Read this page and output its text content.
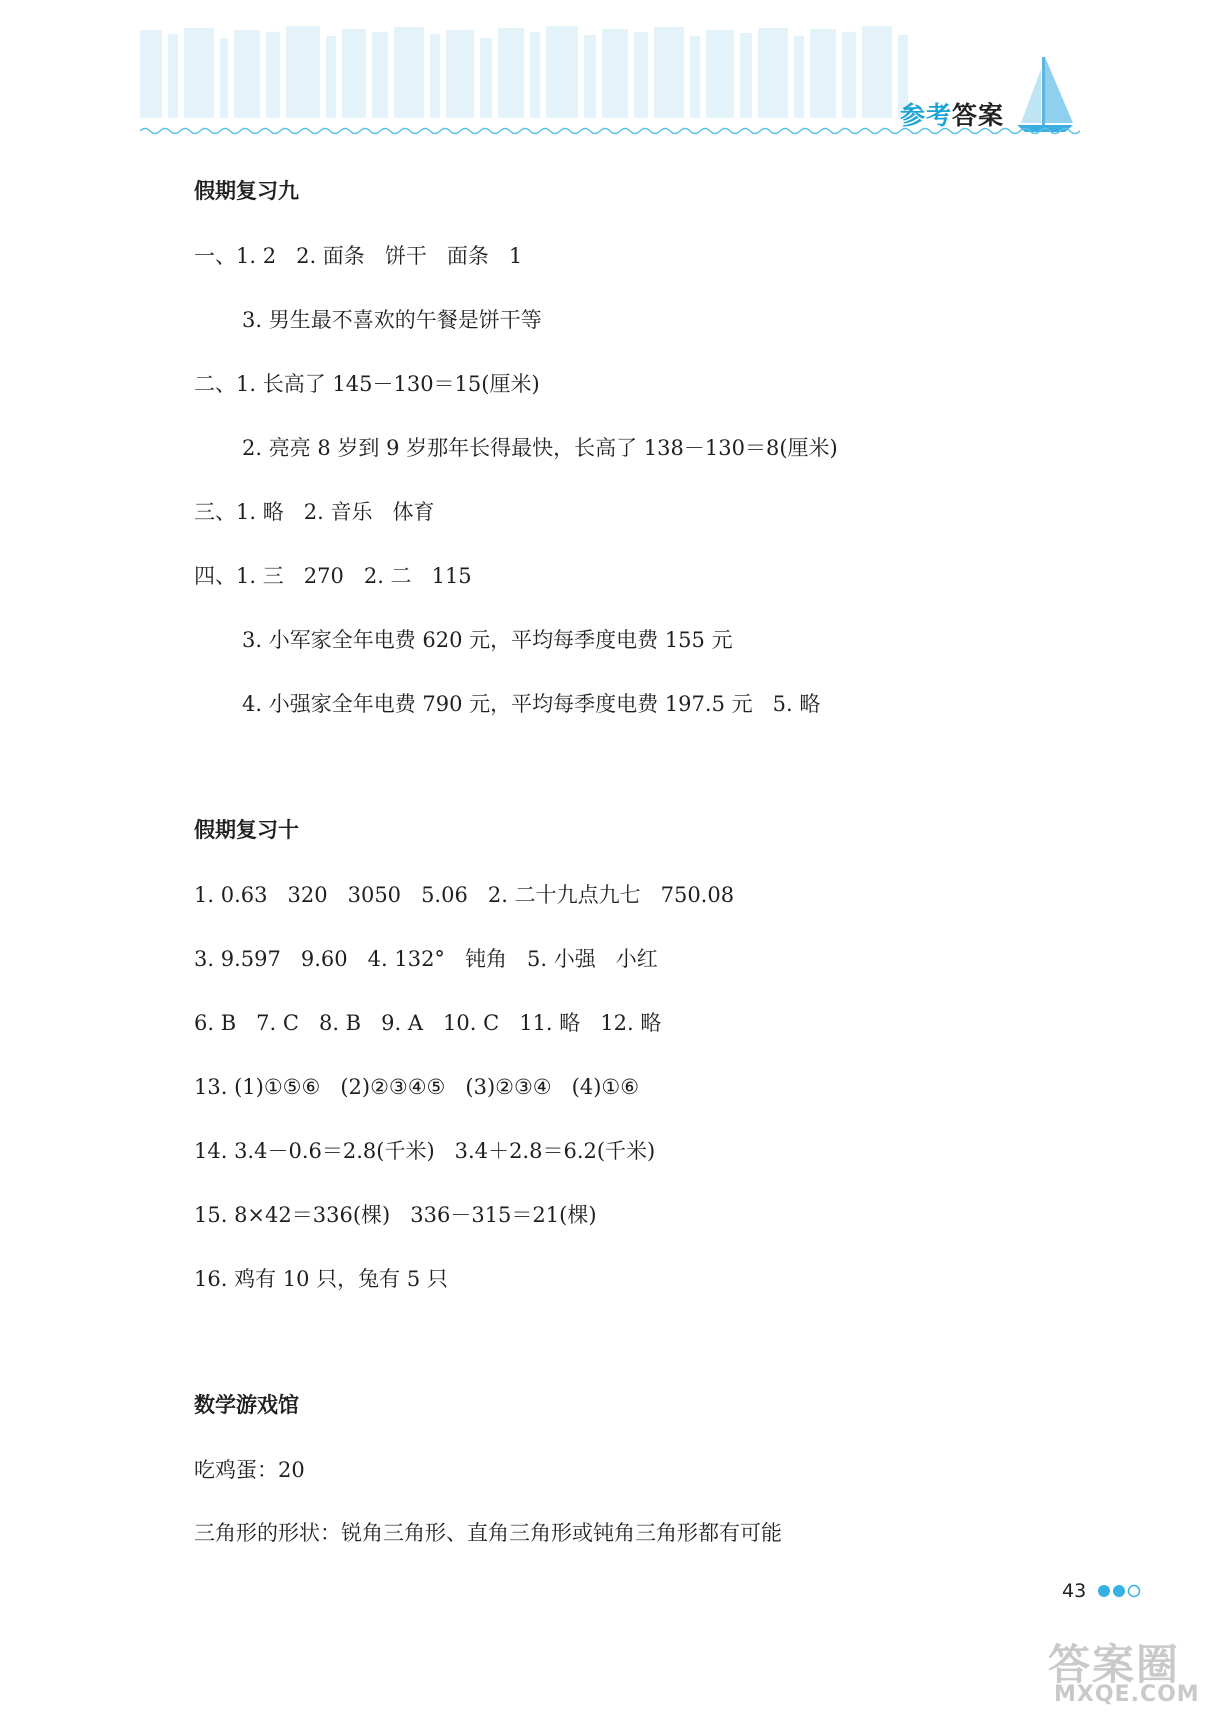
参考答案
假期复习九
一、1. 2   2. 面条   饼干   面条   1
3. 男生最不喜欢的午餐是饼干等
二、1. 长高了 145－130＝15(厘米)
2. 亮亮 8 岁到 9 岁那年长得最快，长高了 138－130＝8(厘米)
三、1. 略   2. 音乐   体育
四、1. 三   270   2. 二   115
3. 小军家全年电费 620 元，平均每季度电费 155 元
4. 小强家全年电费 790 元，平均每季度电费 197.5 元   5. 略
假期复习十
1. 0.63   320   3050   5.06   2. 二十九点九七   750.08
3. 9.597   9.60   4. 132°   钝角   5. 小强   小红
6. B   7. C   8. B   9. A   10. C   11. 略   12. 略
13. (1)①⑤⑥   (2)②③④⑤   (3)②③④   (4)①⑥
14. 3.4－0.6＝2.8(千米)   3.4＋2.8＝6.2(千米)
15. 8×42＝336(棵)   336－315＝21(棵)
16. 鸡有 10 只，兔有 5 只
数学游戏馆
吃鸡蛋：20
三角形的形状：锐角三角形、直角三角形或钝角三角形都有可能
43
答案圈
MXQE.COM
